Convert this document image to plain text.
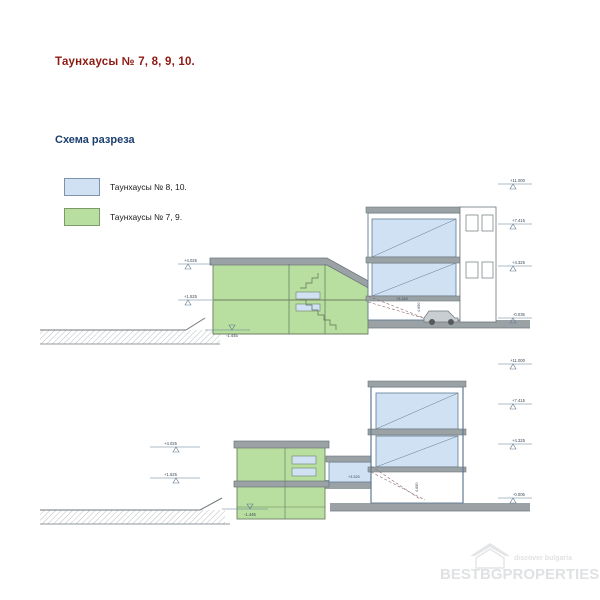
Таунхаусы № 7, 8, 9, 10.
Схема разреза
Таунхаусы № 8, 10.
Таунхаусы № 7, 9.
+11.000
+7.415
+4.325
-0.035
+4.025
+1.525
-1.445
+3.340
4.690
+11.000
+7.415
+4.325
-0.005
+4.025
+1.525
-1.445
+3.320
4.690
discover bulgaria
BESTBGPROPERTIES
